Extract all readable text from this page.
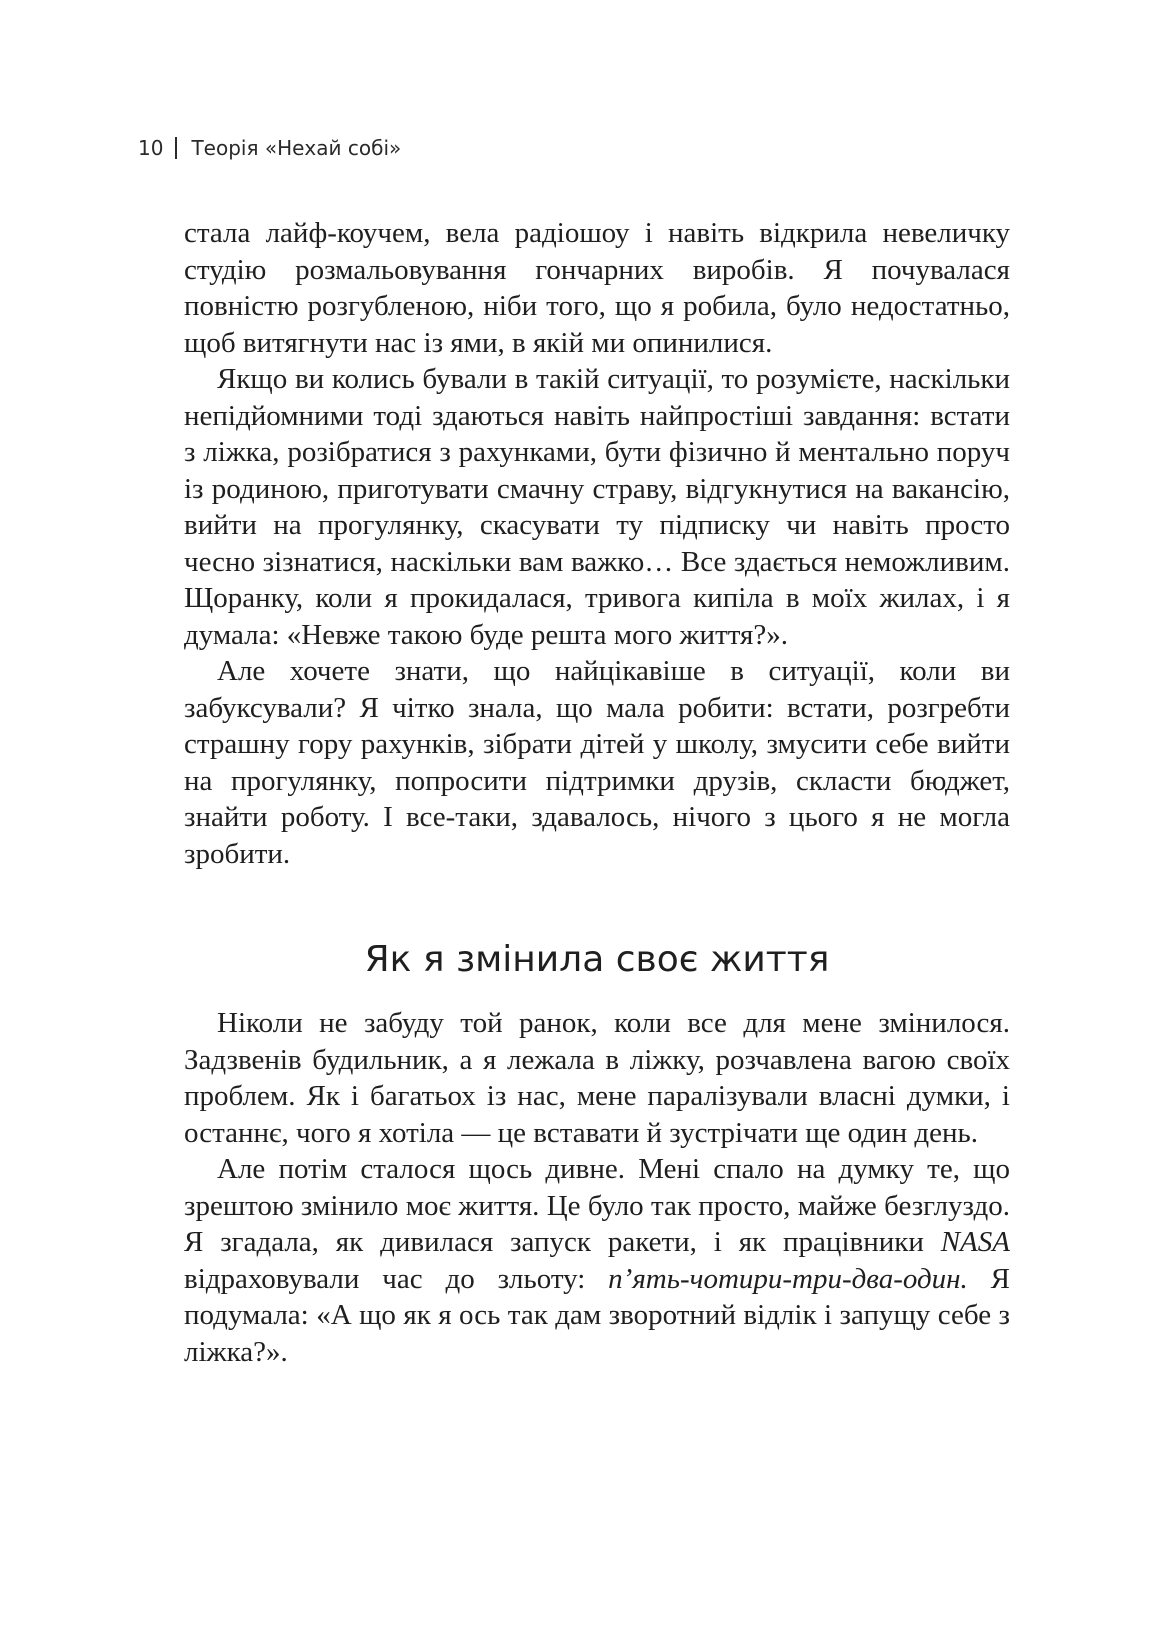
10 Теорія «Нехай собі»

стала лайф-коучем, вела радіошоу і навіть відкрила невеличку студію розмальовування гончарних виробів. Я почувалася повністю розгубленою, ніби того, що я робила, було недостатньо, щоб витягнути нас із ями, в якій ми опинилися.

Якщо ви колись бували в такій ситуації, то розумієте, наскільки непідйомними тоді здаються навіть найпростіші завдання: встати з ліжка, розібратися з рахунками, бути фізично й ментально поруч із родиною, приготувати смачну страву, відгукнутися на вакансію, вийти на прогулянку, скасувати ту підписку чи навіть просто чесно зізнатися, наскільки вам важко… Все здається неможливим. Щоранку, коли я прокидалася, тривога кипіла в моїх жилах, і я думала: «Невже такою буде решта мого життя?».

Але хочете знати, що найцікавіше в ситуації, коли ви забуксували? Я чітко знала, що мала робити: встати, розгребти страшну гору рахунків, зібрати дітей у школу, змусити себе вийти на прогулянку, попросити підтримки друзів, скласти бюджет, знайти роботу. І все-таки, здавалось, нічого з цього я не могла зробити.

Як я змінила своє життя

Ніколи не забуду той ранок, коли все для мене змінилося. Задзвенів будильник, а я лежала в ліжку, розчавлена вагою своїх проблем. Як і багатьох із нас, мене паралізували власні думки, і останнє, чого я хотіла — це вставати й зустрічати ще один день.

Але потім сталося щось дивне. Мені спало на думку те, що зрештою змінило моє життя. Це було так просто, майже безглуздо. Я згадала, як дивилася запуск ракети, і як працівники NASA відраховували час до зльоту: п’ять-чотири-три-два-один. Я подумала: «А що як я ось так дам зворотний відлік і запущу себе з ліжка?».
